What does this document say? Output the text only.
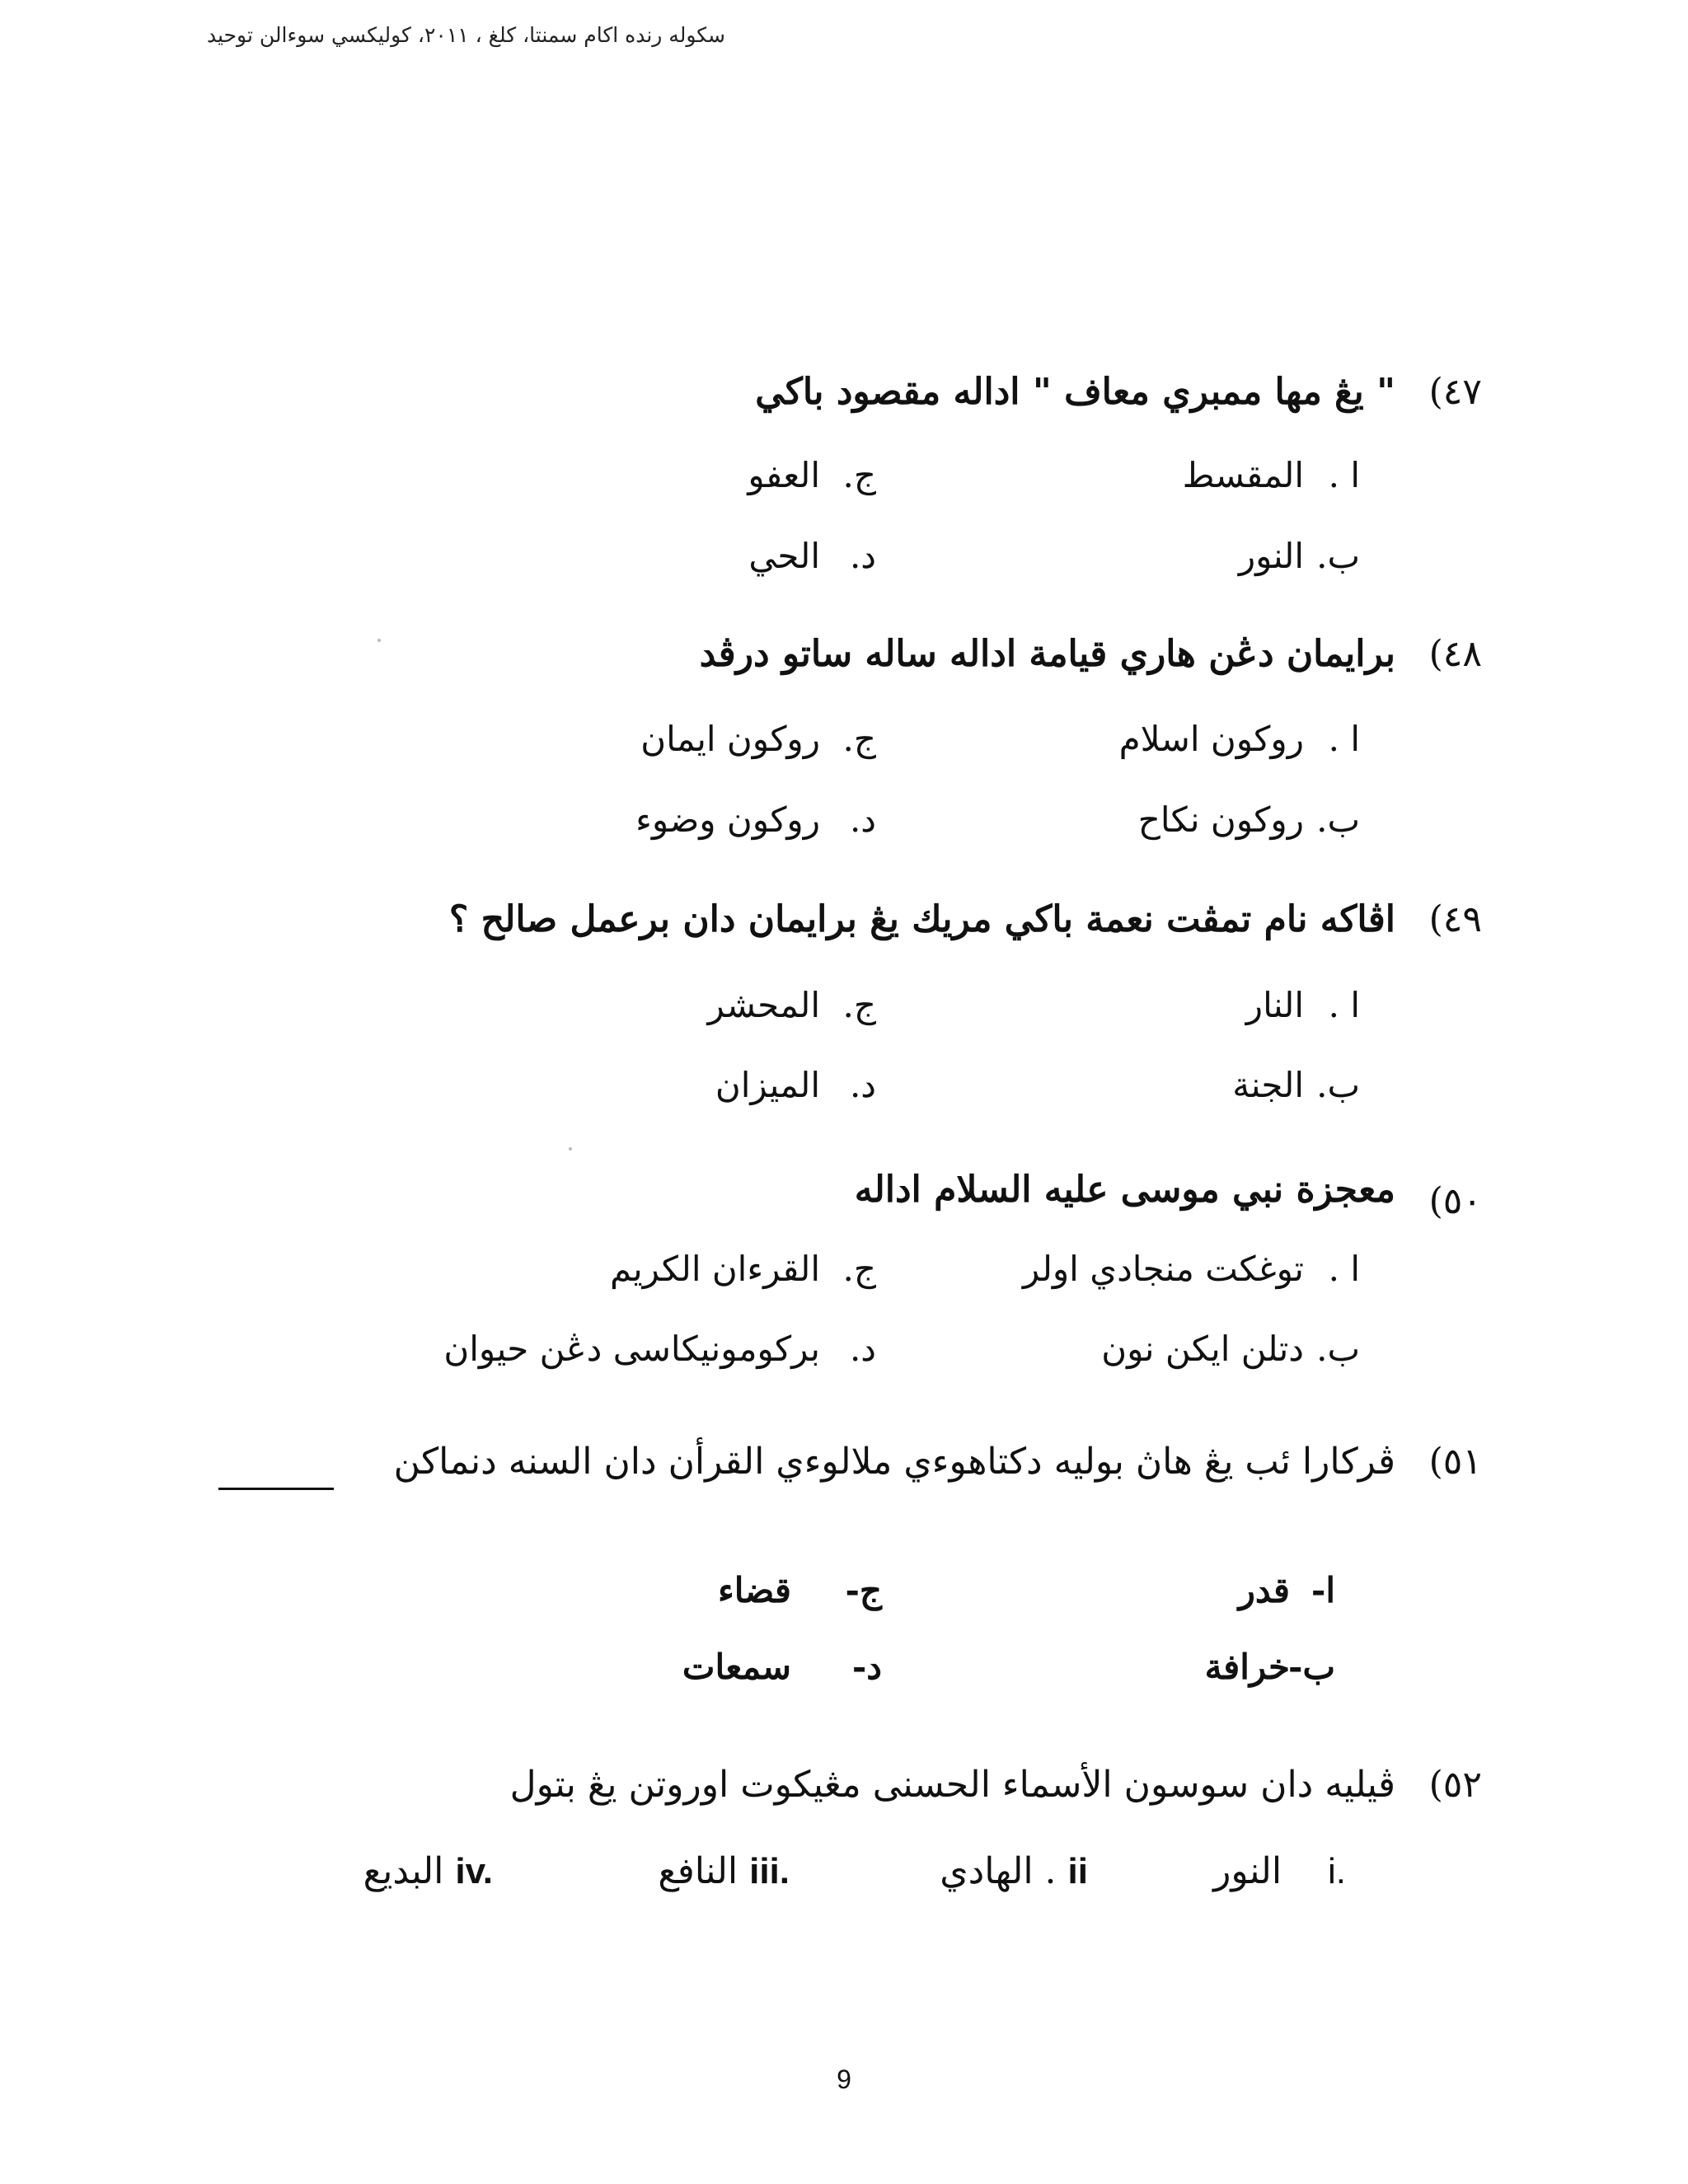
سكوله رنده اكام سمنتا، كلغ ، ٢٠١١، كوليكسي سوءالن توحيد
٤٧)
" يڠ مها ممبري معاف " اداله مقصود باكي
ا .المقسط
ج.العفو
ب.النور
د.الحي
٤٨)
برايمان دڠن هاري قيامة اداله ساله ساتو درڤد
ا .روكون اسلام
ج.روكون ايمان
ب.روكون نكاح
د.روكون وضوء
٤٩)
اڤاكه نام تمڤت نعمة باكي مريك يڠ برايمان دان برعمل صالح ؟
ا .النار
ج.المحشر
ب.الجنة
د.الميزان
٥٠)
معجزة نبي موسى عليه السلام اداله
ا .توغكت منجادي اولر
ج.القرءان الكريم
ب.دتلن ايكن نون
د.بركومونيكاسى دڠن حيوان
٥١)
ڤركارا ئب يڠ هاڽ بوليه دكتاهوءي ملالوءي القرأن دان السنه دنماكن
ا-قدر
ج-قضاء
ب-خرافة
د-سمعات
٥٢)
ڤيليه دان سوسون الأسماء الحسنى مڠيكوت اوروتن يڠ بتول
i.    النور
ii . الهادي
iii. النافع
iv. البديع
9
